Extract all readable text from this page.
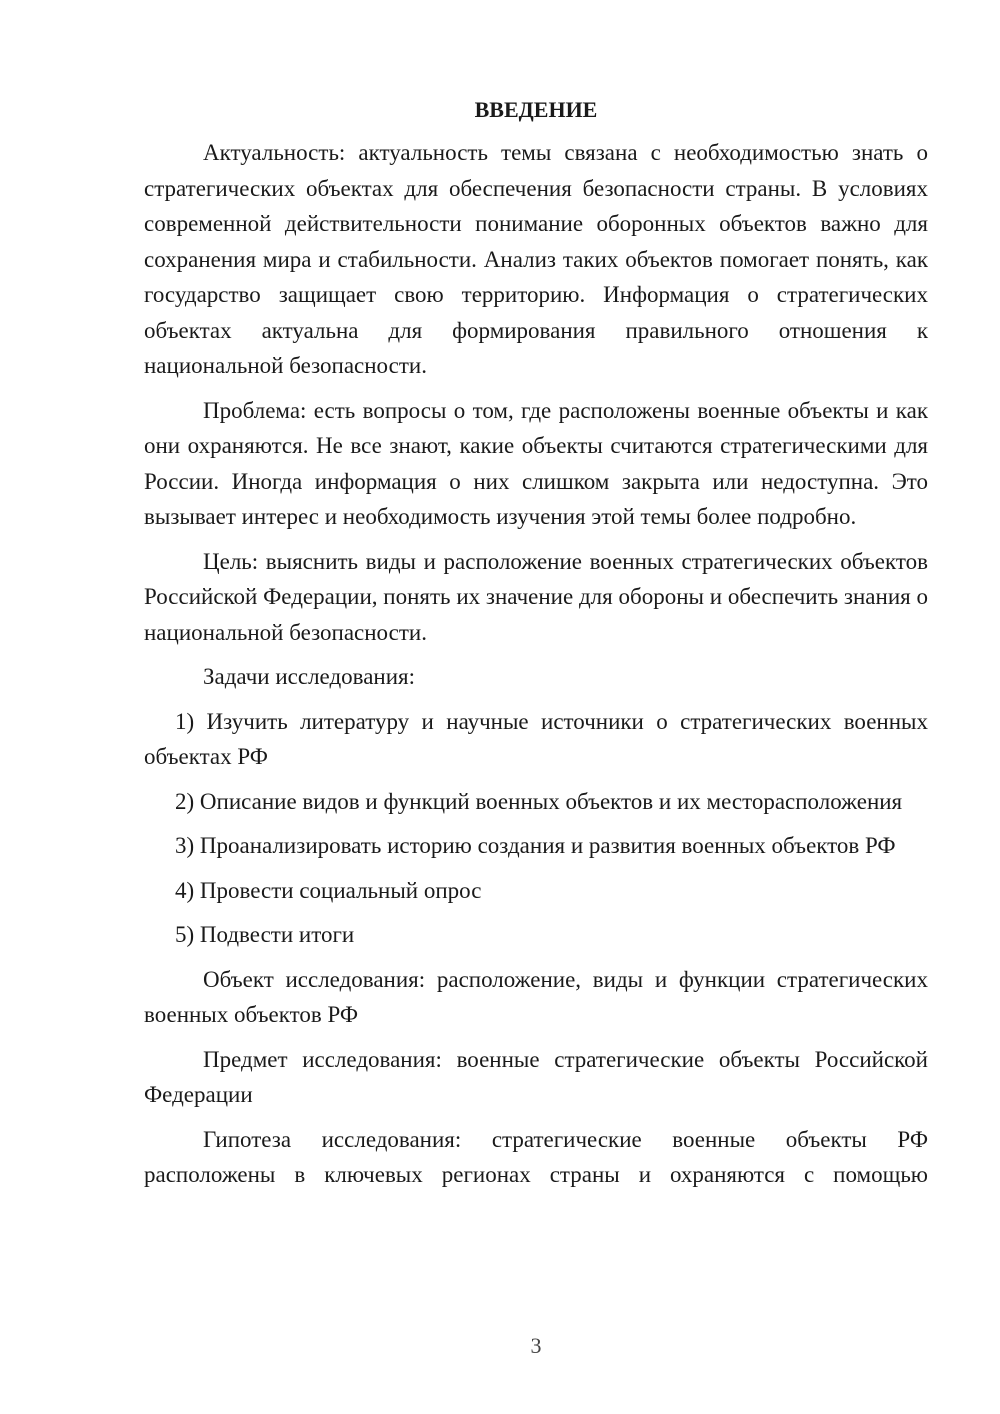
ВВЕДЕНИЕ

Актуальность: актуальность темы связана с необходимостью знать о стратегических объектах для обеспечения безопасности страны. В условиях современной действительности понимание оборонных объектов важно для сохранения мира и стабильности. Анализ таких объектов помогает понять, как государство защищает свою территорию. Информация о стратегических объектах актуальна для формирования правильного отношения к национальной безопасности.

Проблема: есть вопросы о том, где расположены военные объекты и как они охраняются. Не все знают, какие объекты считаются стратегическими для России. Иногда информация о них слишком закрыта или недоступна. Это вызывает интерес и необходимость изучения этой темы более подробно.

Цель: выяснить виды и расположение военных стратегических объектов Российской Федерации, понять их значение для обороны и обеспечить знания о национальной безопасности.

Задачи исследования:

1) Изучить литературу и научные источники о стратегических военных объектах РФ

2) Описание видов и функций военных объектов и их месторасположения

3) Проанализировать историю создания и развития военных объектов РФ

4) Провести социальный опрос

5) Подвести итоги

Объект исследования: расположение, виды и функции стратегических военных объектов РФ

Предмет исследования: военные стратегические объекты Российской Федерации

Гипотеза исследования: стратегические военные объекты РФ расположены в ключевых регионах страны и охраняются с помощью

3
